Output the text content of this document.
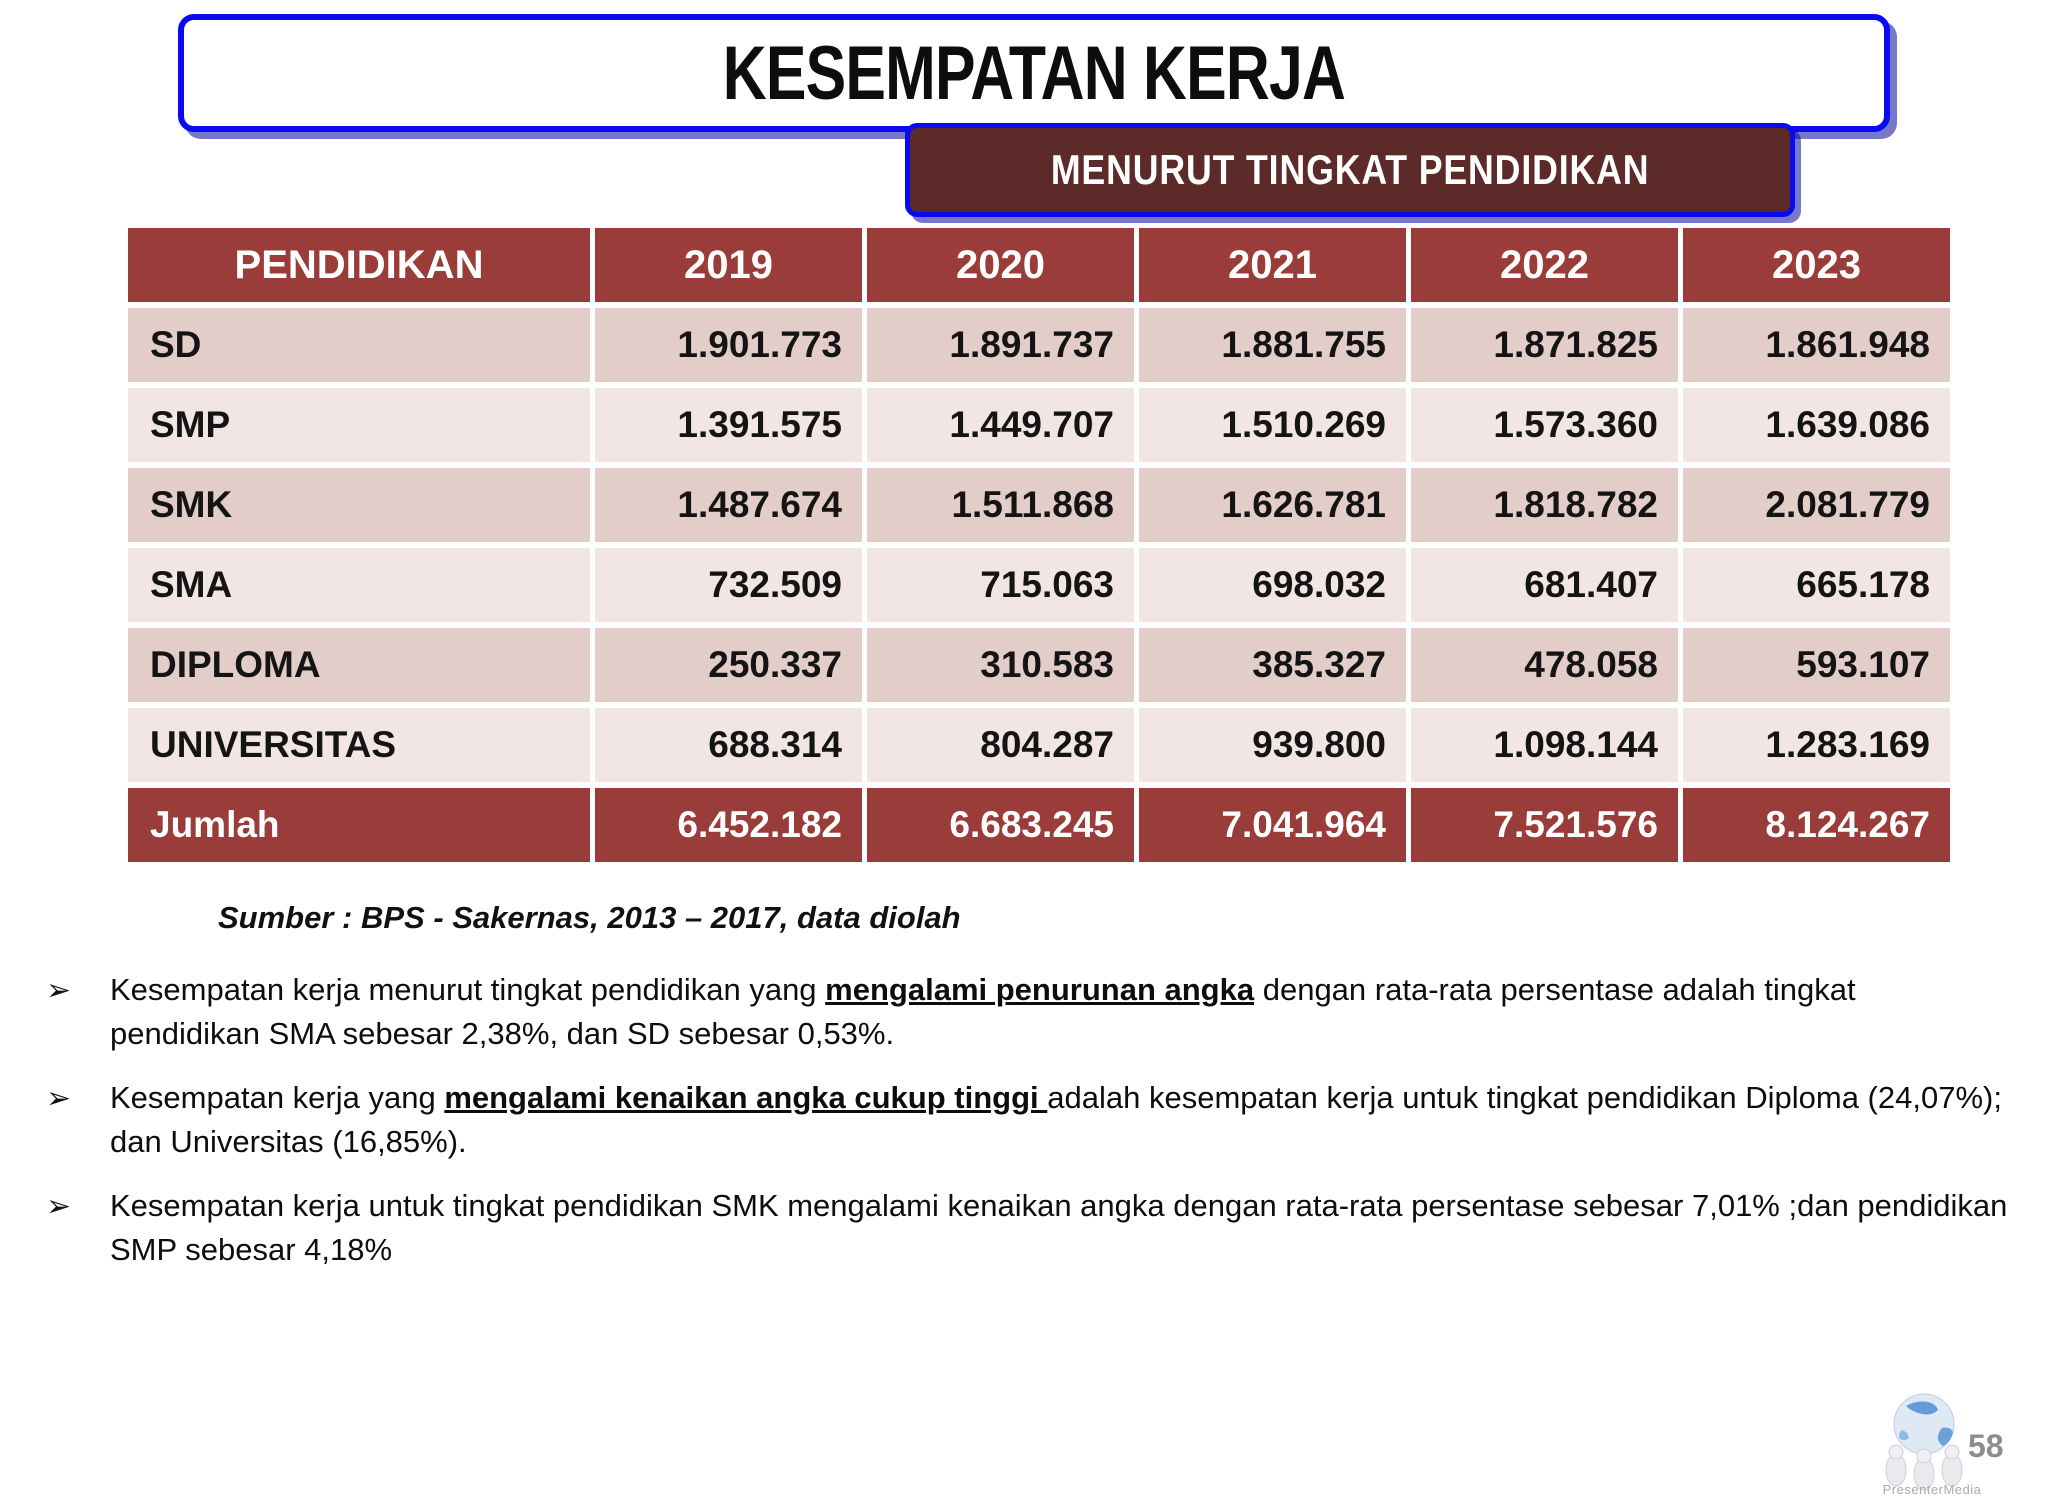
KESEMPATAN KERJA
MENURUT TINGKAT PENDIDIKAN
PENDIDIKAN	2019	2020	2021	2022	2023
SD	1.901.773	1.891.737	1.881.755	1.871.825	1.861.948
SMP	1.391.575	1.449.707	1.510.269	1.573.360	1.639.086
SMK	1.487.674	1.511.868	1.626.781	1.818.782	2.081.779
SMA	732.509	715.063	698.032	681.407	665.178
DIPLOMA	250.337	310.583	385.327	478.058	593.107
UNIVERSITAS	688.314	804.287	939.800	1.098.144	1.283.169
Jumlah	6.452.182	6.683.245	7.041.964	7.521.576	8.124.267
Sumber : BPS - Sakernas, 2013 – 2017, data diolah
➢	Kesempatan kerja menurut tingkat pendidikan yang mengalami penurunan angka dengan rata-rata persentase adalah tingkat pendidikan SMA sebesar 2,38%, dan SD sebesar 0,53%.
➢	Kesempatan kerja yang mengalami kenaikan angka cukup tinggi adalah kesempatan kerja untuk tingkat pendidikan Diploma (24,07%); dan Universitas (16,85%).
➢	Kesempatan kerja untuk tingkat pendidikan SMK mengalami kenaikan angka dengan rata-rata persentase sebesar 7,01% ;dan pendidikan SMP sebesar 4,18%
PresenterMedia
58
